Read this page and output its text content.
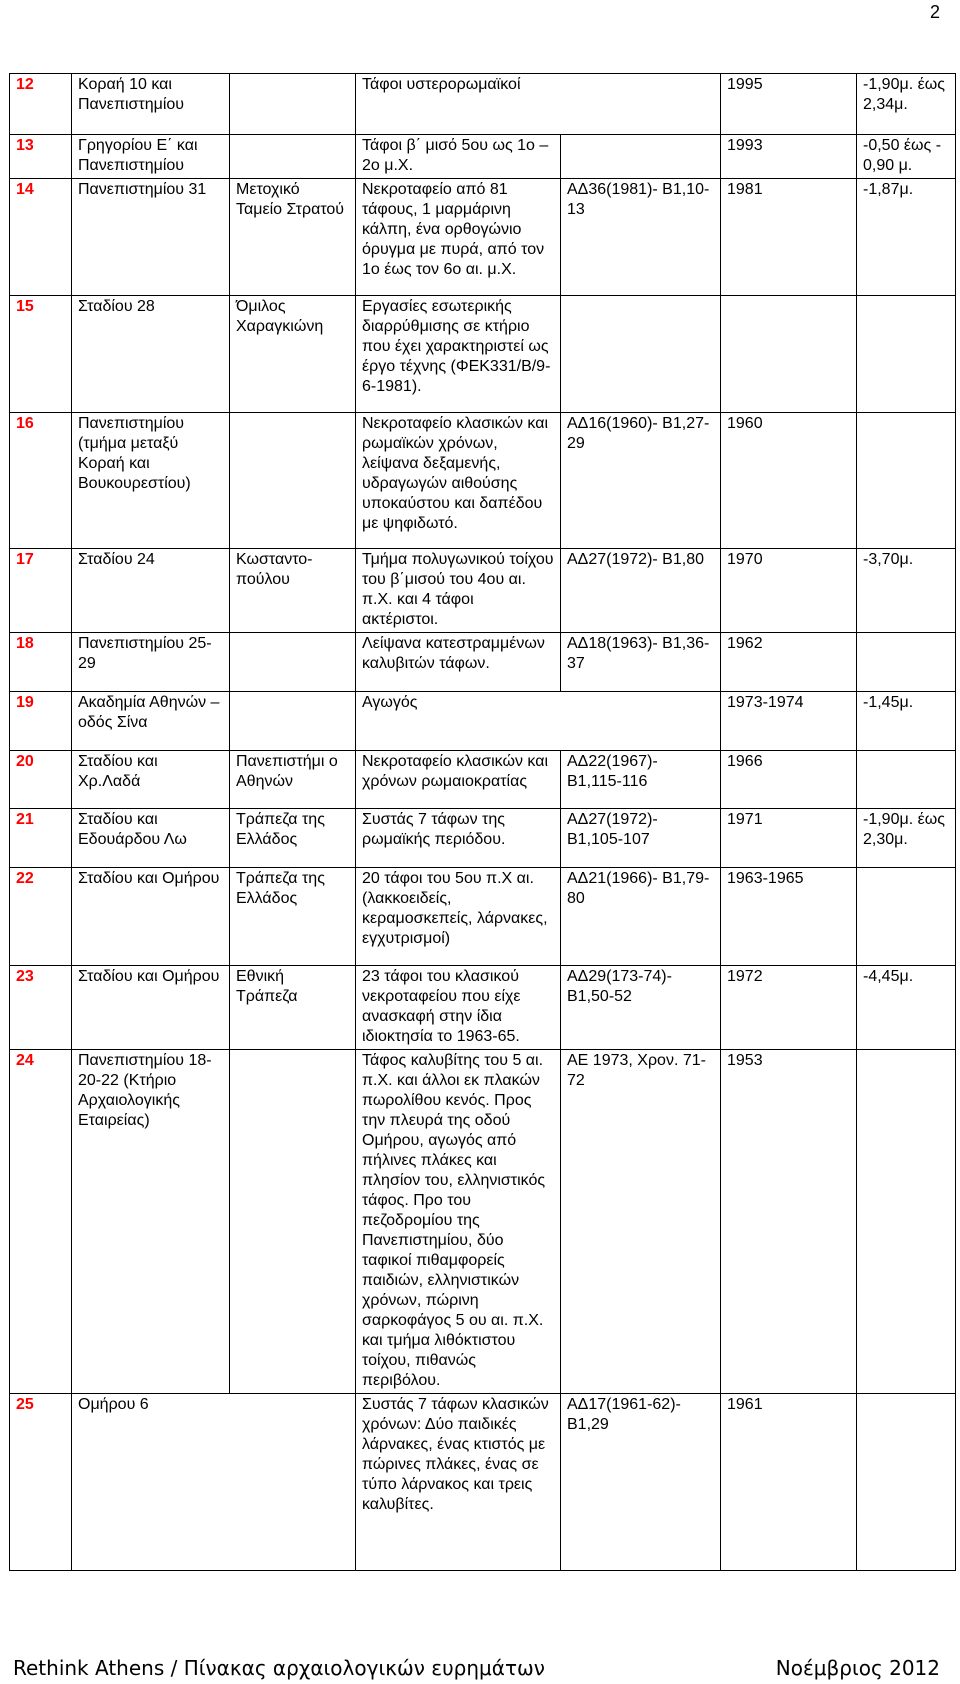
2
12	Κοραή 10 και Πανεπιστημίου		Τάφοι υστερορωμαϊκοί		1995	-1,90μ. έως 2,34μ.
13	Γρηγορίου Ε΄ και Πανεπιστημίου		Τάφοι β΄ μισό 5ου ως 1ο – 2ο μ.Χ.		1993	-0,50 έως - 0,90 μ.
14	Πανεπιστημίου 31	Μετοχικό Ταμείο Στρατού	Νεκροταφείο από 81 τάφους, 1 μαρμάρινη κάλπη, ένα ορθογώνιο όρυγμα με πυρά, από τον 1ο έως τον 6ο αι. μ.Χ.	ΑΔ36(1981)- Β1,10-13	1981	-1,87μ.
15	Σταδίου 28	Όμιλος Χαραγκιώνη	Εργασίες εσωτερικής διαρρύθμισης σε κτήριο που έχει χαρακτηριστεί ως έργο τέχνης (ΦΕΚ331/Β/9-6-1981).			
16	Πανεπιστημίου (τμήμα μεταξύ Κοραή και Βουκουρεστίου)		Νεκροταφείο κλασικών και ρωμαϊκών χρόνων, λείψανα δεξαμενής, υδραγωγών αιθούσης υποκαύστου και δαπέδου με ψηφιδωτό.	ΑΔ16(1960)- Β1,27-29	1960	
17	Σταδίου 24	Κωσταντο- πούλου	Τμήμα πολυγωνικού τοίχου του β΄μισού του 4ου αι. π.Χ. και 4 τάφοι ακτέριστοι.	ΑΔ27(1972)- Β1,80	1970	-3,70μ.
18	Πανεπιστημίου 25-29		Λείψανα κατεστραμμένων καλυβιτών τάφων.	ΑΔ18(1963)- Β1,36-37	1962	
19	Ακαδημία Αθηνών – οδός Σίνα		Αγωγός		1973-1974	-1,45μ.
20	Σταδίου και Χρ.Λαδά	Πανεπιστήμι ο Αθηνών	Νεκροταφείο κλασικών και χρόνων ρωμαιοκρατίας	ΑΔ22(1967)- Β1,115-116	1966	
21	Σταδίου και Εδουάρδου Λω	Τράπεζα της Ελλάδος	Συστάς 7 τάφων της ρωμαϊκής περιόδου.	ΑΔ27(1972)- Β1,105-107	1971	-1,90μ. έως 2,30μ.
22	Σταδίου και Ομήρου	Τράπεζα της Ελλάδος	20 τάφοι του 5ου π.Χ αι. (λακκοειδείς, κεραμοσκεπείς, λάρνακες, εγχυτρισμοί)	ΑΔ21(1966)- Β1,79-80	1963-1965	
23	Σταδίου και Ομήρου	Εθνική Τράπεζα	23 τάφοι του κλασικού νεκροταφείου που είχε ανασκαφή στην ίδια ιδιοκτησία το 1963-65.	ΑΔ29(173-74)- Β1,50-52	1972	-4,45μ.
24	Πανεπιστημίου 18-20-22 (Κτήριο Αρχαιολογικής Εταιρείας)		Τάφος καλυβίτης του 5 αι. π.Χ. και άλλοι εκ πλακών πωρολίθου κενός. Προς την πλευρά της οδού Ομήρου, αγωγός από πήλινες πλάκες και πλησίον του, ελληνιστικός τάφος. Προ του πεζοδρομίου της Πανεπιστημίου, δύο ταφικοί πιθαμφορείς παιδιών, ελληνιστικών χρόνων, πώρινη σαρκοφάγος 5 ου αι. π.Χ. και τμήμα λιθόκτιστου τοίχου, πιθανώς περιβόλου.	ΑΕ 1973, Χρον. 71-72	1953	
25	Ομήρου 6		Συστάς 7 τάφων κλασικών χρόνων: Δύο παιδικές λάρνακες, ένας κτιστός με πώρινες πλάκες, ένας σε τύπο λάρνακος και τρεις καλυβίτες.	ΑΔ17(1961-62)- Β1,29	1961	
Rethink Athens / Πίνακας αρχαιολογικών ευρημάτων	Νοέμβριος 2012
